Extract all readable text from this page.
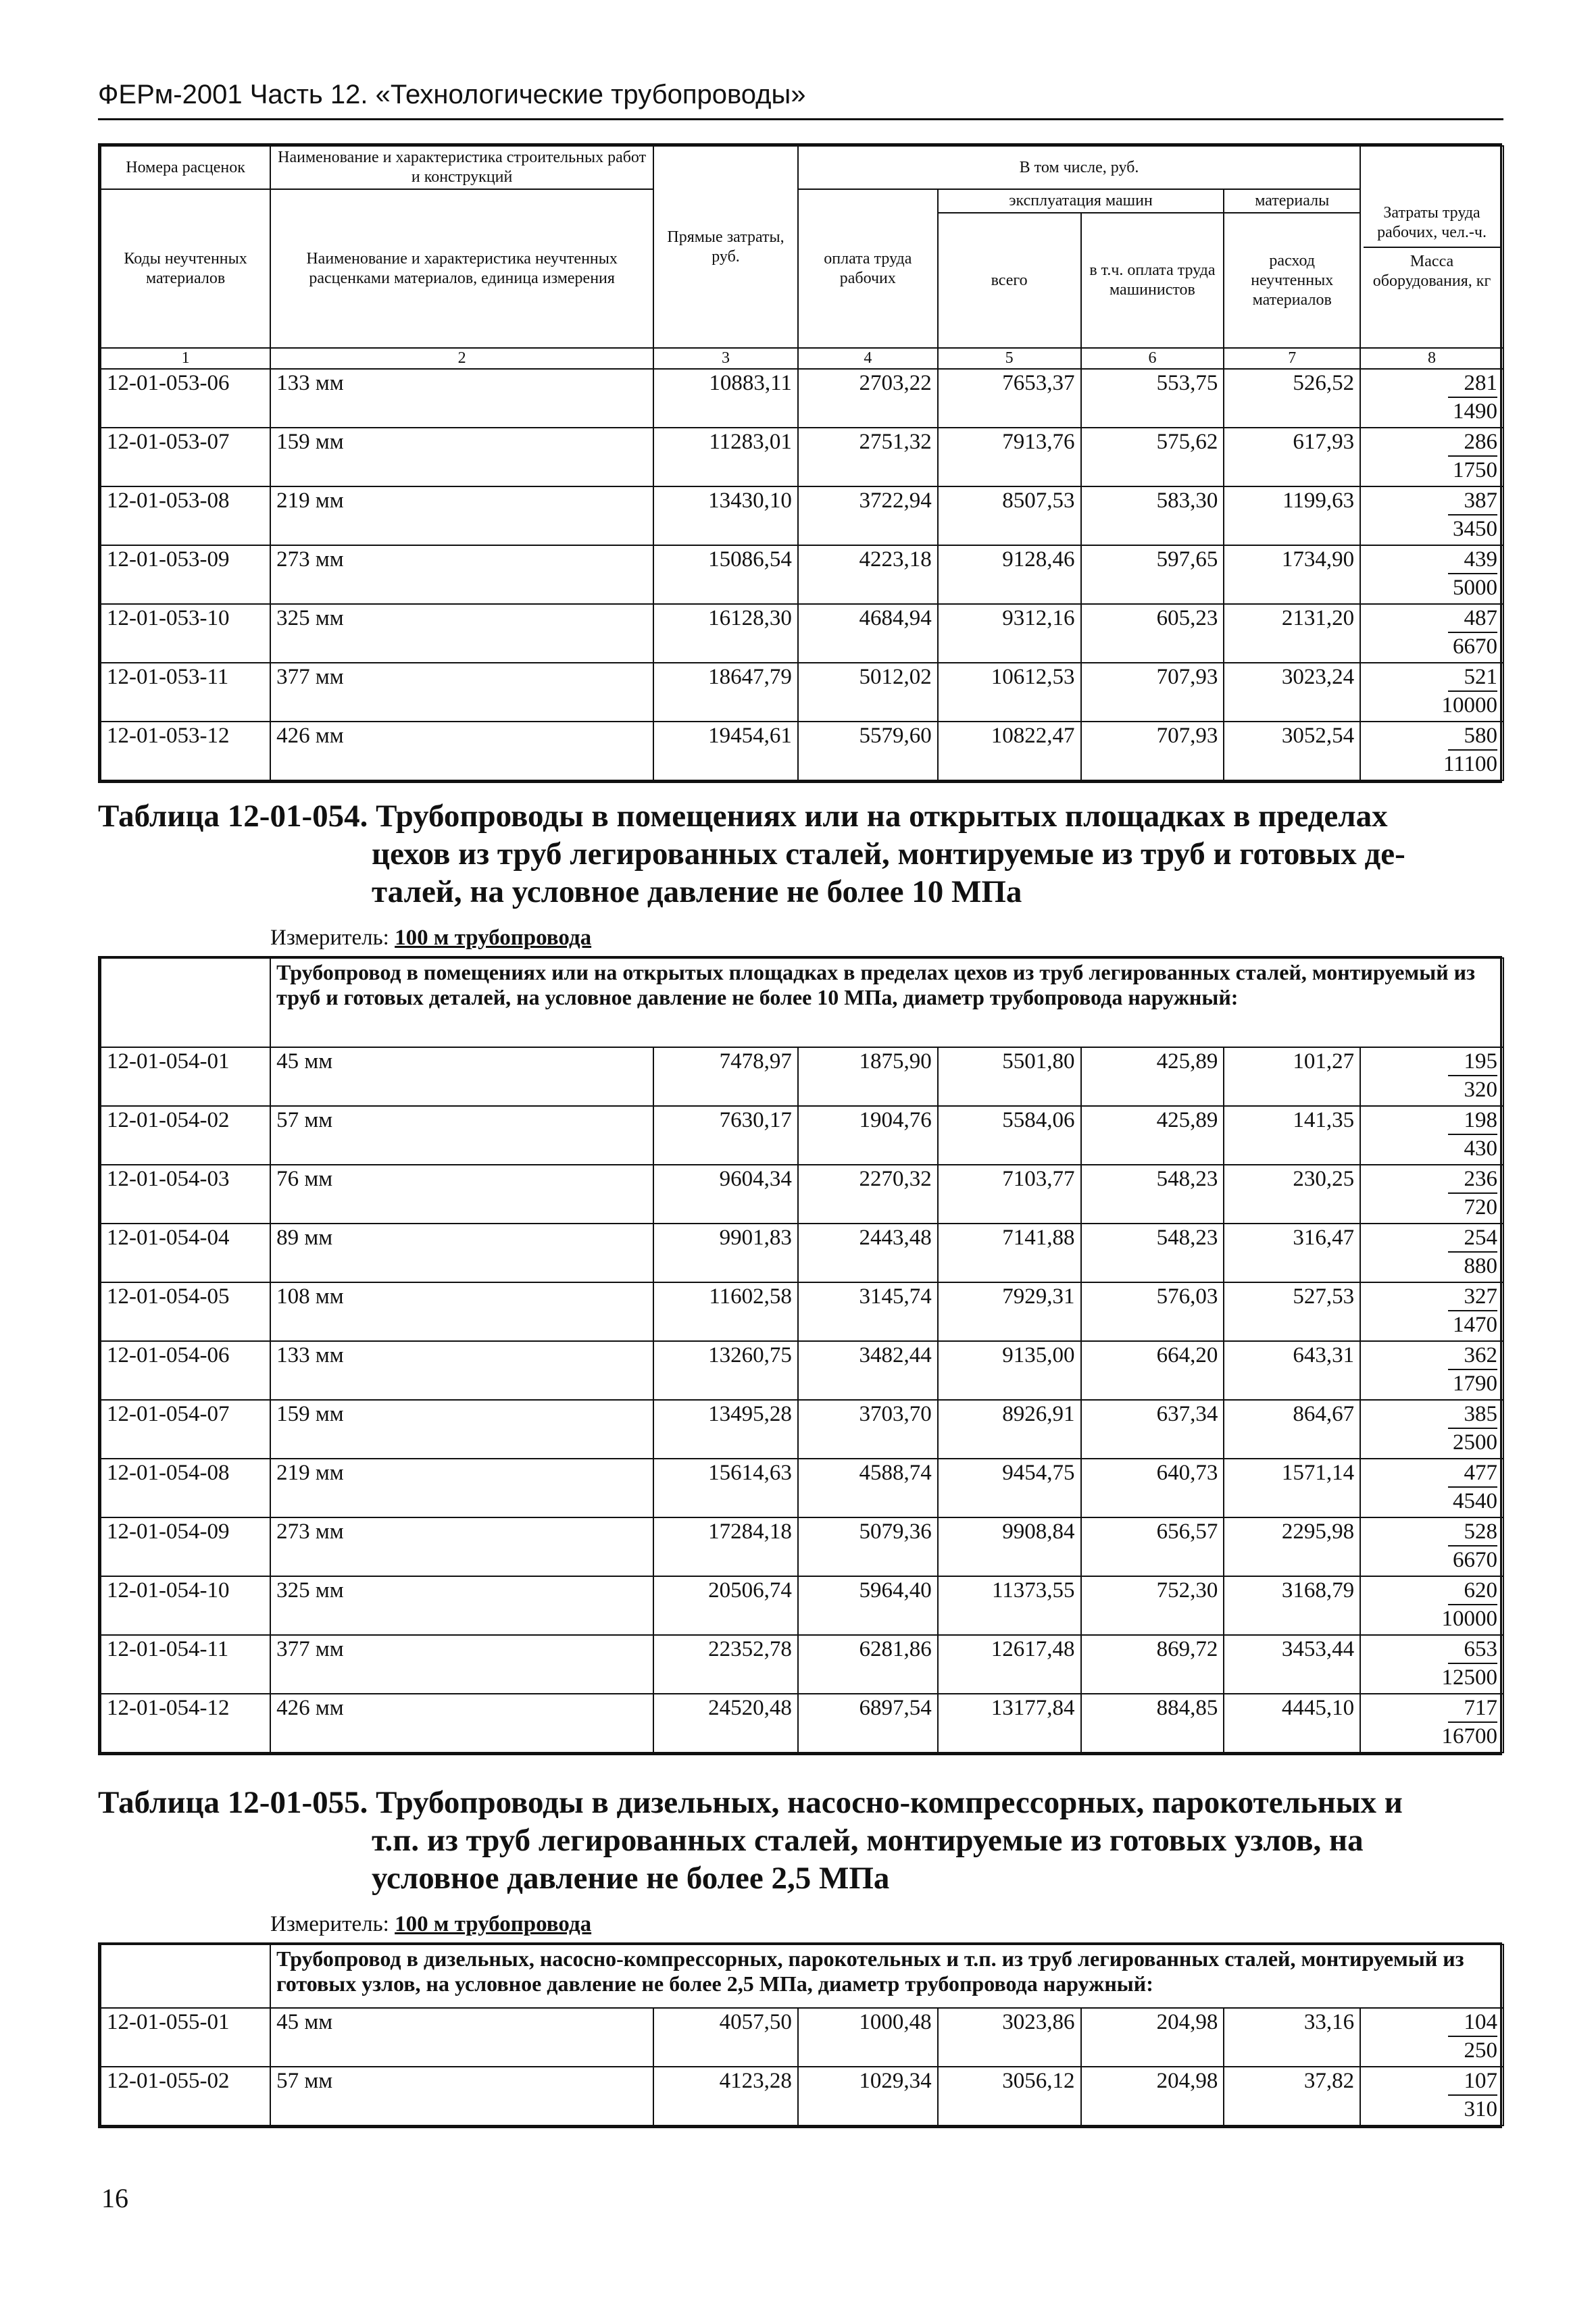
ФЕРм-2001 Часть 12. «Технологические трубопроводы»
Номера расценок	Наименование и характеристика строительных работ и конструкций	Прямые затраты, руб.	В том числе, руб.				Затраты труда рабочих, чел.-ч.
Масса оборудования, кг

Коды неучтенных материалов	Наименование и характеристика неучтенных расценками материалов, единица измерения		оплата труда рабочих	эксплуатация машин		материалы	
				всего	в т.ч. оплата труда машинистов	расход неучтенных материалов	
1	2	3	4	5	6	7	8
12-01-053-06	133 мм	10883,11	2703,22	7653,37	553,75	526,52	281
1490

12-01-053-07	159 мм	11283,01	2751,32	7913,76	575,62	617,93	286
1750

12-01-053-08	219 мм	13430,10	3722,94	8507,53	583,30	1199,63	387
3450

12-01-053-09	273 мм	15086,54	4223,18	9128,46	597,65	1734,90	439
5000

12-01-053-10	325 мм	16128,30	4684,94	9312,16	605,23	2131,20	487
6670

12-01-053-11	377 мм	18647,79	5012,02	10612,53	707,93	3023,24	521
10000

12-01-053-12	426 мм	19454,61	5579,60	10822,47	707,93	3052,54	580
11100
Таблица 12-01-054. Трубопроводы в помещениях или на открытых площадках в пределах
цехов из труб легированных сталей, монтируемые из труб и готовых де-
талей, на условное давление не более 10 МПа
Измеритель: 100 м трубопровода
	Трубопровод в помещениях или на открытых площадках в пределах цехов из труб легированных сталей, монтируемый из труб и готовых деталей, на условное давление не более 10 МПа, диаметр трубопровода наружный:						
12-01-054-01	45 мм	7478,97	1875,90	5501,80	425,89	101,27	195
320

12-01-054-02	57 мм	7630,17	1904,76	5584,06	425,89	141,35	198
430

12-01-054-03	76 мм	9604,34	2270,32	7103,77	548,23	230,25	236
720

12-01-054-04	89 мм	9901,83	2443,48	7141,88	548,23	316,47	254
880

12-01-054-05	108 мм	11602,58	3145,74	7929,31	576,03	527,53	327
1470

12-01-054-06	133 мм	13260,75	3482,44	9135,00	664,20	643,31	362
1790

12-01-054-07	159 мм	13495,28	3703,70	8926,91	637,34	864,67	385
2500

12-01-054-08	219 мм	15614,63	4588,74	9454,75	640,73	1571,14	477
4540

12-01-054-09	273 мм	17284,18	5079,36	9908,84	656,57	2295,98	528
6670

12-01-054-10	325 мм	20506,74	5964,40	11373,55	752,30	3168,79	620
10000

12-01-054-11	377 мм	22352,78	6281,86	12617,48	869,72	3453,44	653
12500

12-01-054-12	426 мм	24520,48	6897,54	13177,84	884,85	4445,10	717
16700
Таблица 12-01-055. Трубопроводы в дизельных, насосно-компрессорных, парокотельных и
т.п. из труб легированных сталей, монтируемые из готовых узлов, на
условное давление не более 2,5 МПа
Измеритель: 100 м трубопровода
	Трубопровод в дизельных, насосно-компрессорных, парокотельных и т.п. из труб легированных сталей, монтируемый из готовых узлов, на условное давление не более 2,5 МПа, диаметр трубопровода наружный:						
12-01-055-01	45 мм	4057,50	1000,48	3023,86	204,98	33,16	104
250

12-01-055-02	57 мм	4123,28	1029,34	3056,12	204,98	37,82	107
310
16
